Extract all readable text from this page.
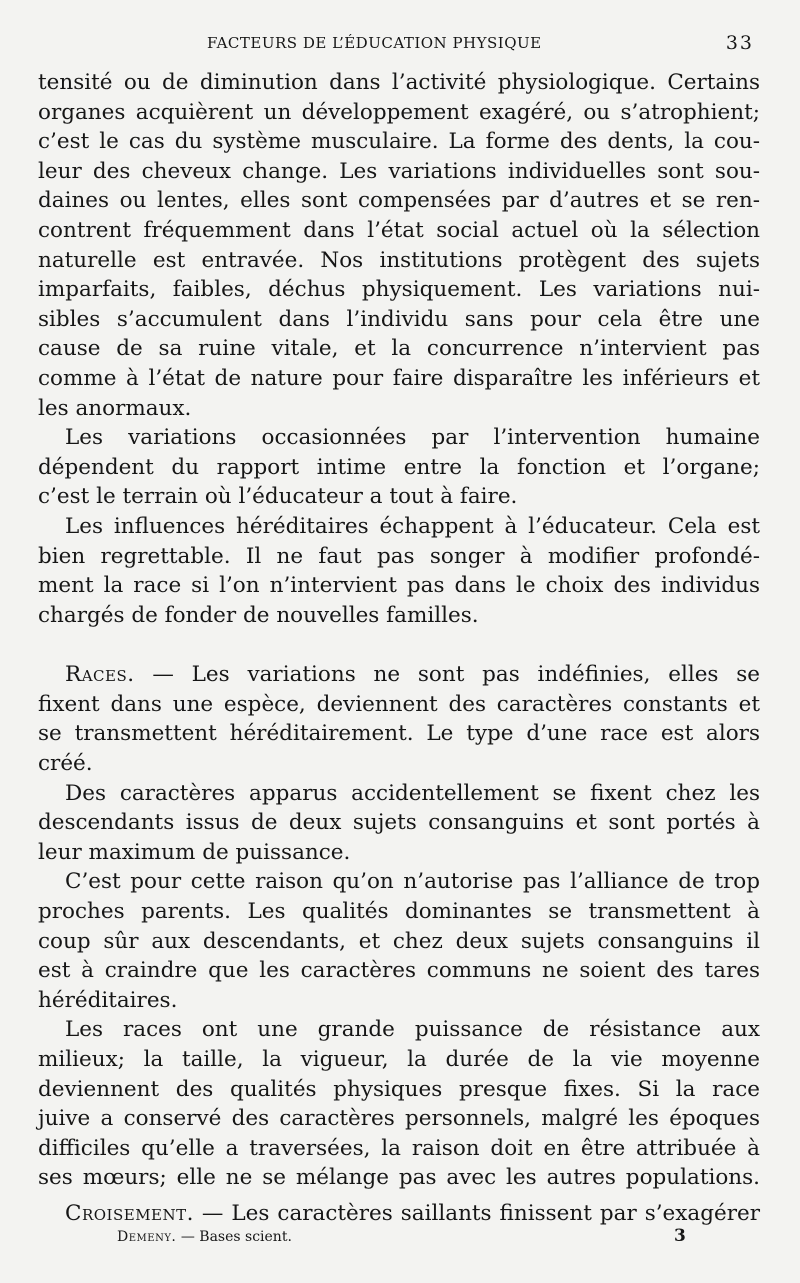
FACTEURS DE L’ÉDUCATION PHYSIQUE	33
tensité ou de diminution dans l’activité physiologique. Certains
organes acquièrent un développement exagéré, ou s’atrophient;
c’est le cas du système musculaire. La forme des dents, la cou-
leur des cheveux change. Les variations individuelles sont sou-
daines ou lentes, elles sont compensées par d’autres et se ren-
contrent fréquemment dans l’état social actuel où la sélection
naturelle est entravée. Nos institutions protègent des sujets
imparfaits, faibles, déchus physiquement. Les variations nui-
sibles s’accumulent dans l’individu sans pour cela être une
cause de sa ruine vitale, et la concurrence n’intervient pas
comme à l’état de nature pour faire disparaître les inférieurs et
les anormaux.
Les variations occasionnées par l’intervention humaine
dépendent du rapport intime entre la fonction et l’organe;
c’est le terrain où l’éducateur a tout à faire.
Les influences héréditaires échappent à l’éducateur. Cela est
bien regrettable. Il ne faut pas songer à modifier profondé-
ment la race si l’on n’intervient pas dans le choix des individus
chargés de fonder de nouvelles familles.
Races. — Les variations ne sont pas indéfinies, elles se
fixent dans une espèce, deviennent des caractères constants et
se transmettent héréditairement. Le type d’une race est alors
créé.
Des caractères apparus accidentellement se fixent chez les
descendants issus de deux sujets consanguins et sont portés à
leur maximum de puissance.
C’est pour cette raison qu’on n’autorise pas l’alliance de trop
proches parents. Les qualités dominantes se transmettent à
coup sûr aux descendants, et chez deux sujets consanguins il
est à craindre que les caractères communs ne soient des tares
héréditaires.
Les races ont une grande puissance de résistance aux
milieux; la taille, la vigueur, la durée de la vie moyenne
deviennent des qualités physiques presque fixes. Si la race
juive a conservé des caractères personnels, malgré les époques
difficiles qu’elle a traversées, la raison doit en être attribuée à
ses mœurs; elle ne se mélange pas avec les autres populations.
Croisement. — Les caractères saillants finissent par s’exagérer
Demeny. — Bases scient.	3
